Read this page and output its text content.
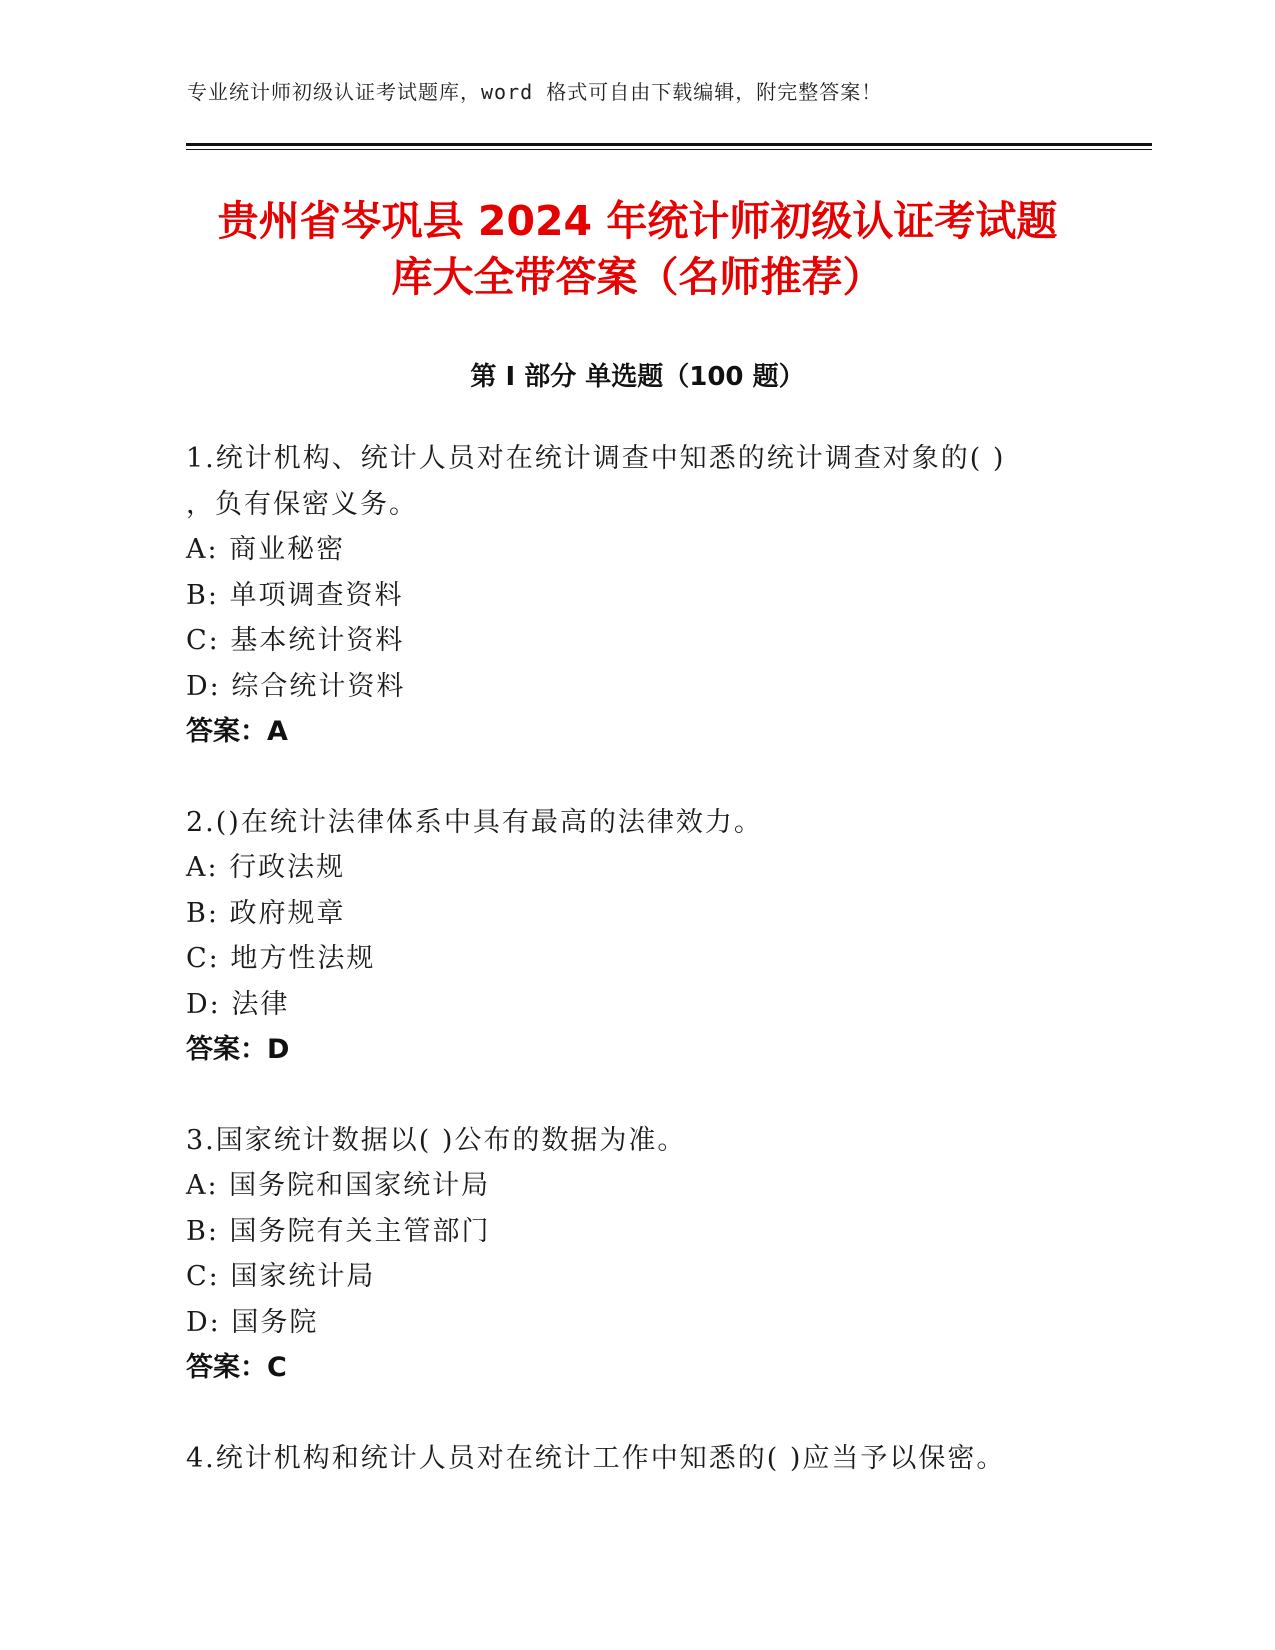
专业统计师初级认证考试题库，word 格式可自由下载编辑，附完整答案！
贵州省岑巩县 2024 年统计师初级认证考试题
库大全带答案（名师推荐）
第 I 部分 单选题（100 题）
1.统计机构、统计人员对在统计调查中知悉的统计调查对象的( )
，负有保密义务。
A: 商业秘密
B: 单项调查资料
C: 基本统计资料
D: 综合统计资料
答案：A
2.()在统计法律体系中具有最高的法律效力。
A: 行政法规
B: 政府规章
C: 地方性法规
D: 法律
答案：D
3.国家统计数据以( )公布的数据为准。
A: 国务院和国家统计局
B: 国务院有关主管部门
C: 国家统计局
D: 国务院
答案：C
4.统计机构和统计人员对在统计工作中知悉的( )应当予以保密。
